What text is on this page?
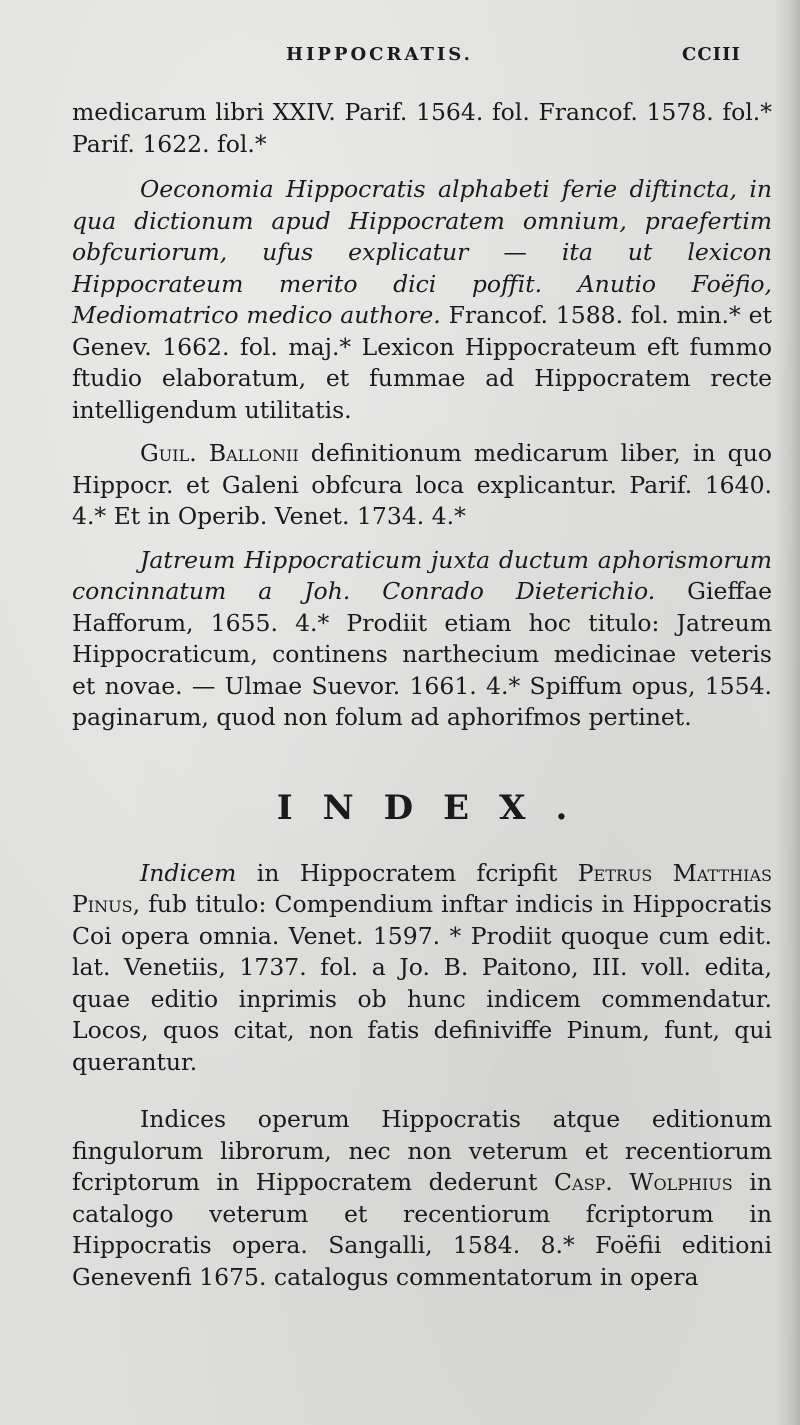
HIPPOCRATIS.	CCIII

medicarum libri XXIV. Parif. 1564. fol. Francof. 1578. fol.* Parif. 1622. fol.*

Oeconomia Hippocratis alphabeti ferie diftincta, in qua dictionum apud Hippocratem omnium, praefertim obfcuriorum, ufus explicatur — ita ut lexicon Hippocrateum merito dici poffit. Anutio Foëfio, Mediomatrico medico authore. Francof. 1588. fol. min.* et Genev. 1662. fol. maj.* Lexicon Hippocrateum eft fummo ftudio elaboratum, et fummae ad Hippocratem recte intelligendum utilitatis.

Guil. Ballonii definitionum medicarum liber, in quo Hippocr. et Galeni obfcura loca explicantur. Parif. 1640. 4.* Et in Operib. Venet. 1734. 4.*

Jatreum Hippocraticum juxta ductum aphorismorum concinnatum a Joh. Conrado Dieterichio. Gieffae Hafforum, 1655. 4.* Prodiit etiam hoc titulo: Jatreum Hippocraticum, continens narthecium medicinae veteris et novae. — Ulmae Suevor. 1661. 4.* Spiffum opus, 1554. paginarum, quod non folum ad aphorifmos pertinet.

INDEX.

Indicem in Hippocratem fcripfit Petrus Matthias Pinus, fub titulo: Compendium inftar indicis in Hippocratis Coi opera omnia. Venet. 1597. * Prodiit quoque cum edit. lat. Venetiis, 1737. fol. a Jo. B. Paitono, III. voll. edita, quae editio inprimis ob hunc indicem commendatur. Locos, quos citat, non fatis definiviffe Pinum, funt, qui querantur.

Indices operum Hippocratis atque editionum fingulorum librorum, nec non veterum et recentiorum fcriptorum in Hippocratem dederunt Casp. Wolphius in catalogo veterum et recentiorum fcriptorum in Hippocratis opera. Sangalli, 1584. 8.* Foëfii editioni Genevenfi 1675. catalogus commentatorum in opera
